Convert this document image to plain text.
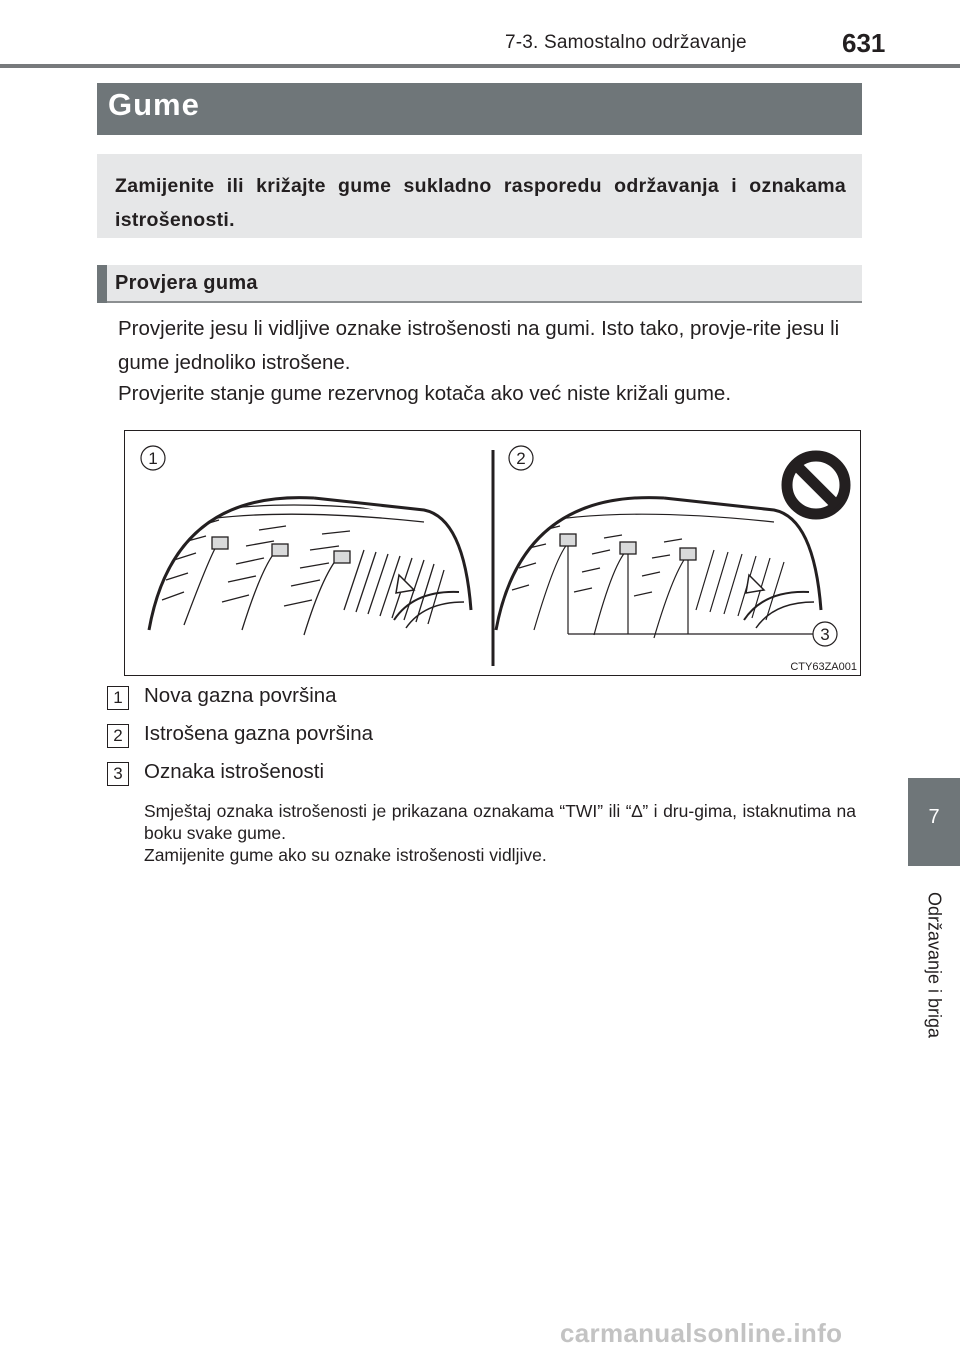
7-3. Samostalno održavanje	631
Gume
Zamijenite ili križajte gume sukladno rasporedu održavanja i oznakama istrošenosti.
Provjera guma
Provjerite jesu li vidljive oznake istrošenosti na gumi. Isto tako, provje-rite jesu li gume jednoliko istrošene.
Provjerite stanje gume rezervnog kotača ako već niste križali gume.
1	2
3
CTY63ZA001
1	Nova gazna površina
2	Istrošena gazna površina
3	Oznaka istrošenosti
Smještaj oznaka istrošenosti je prikazana oznakama “TWI” ili “∆” i dru-gima, istaknutima na boku svake gume.
Zamijenite gume ako su oznake istrošenosti vidljive.
7
Održavanje i briga
carmanualsonline.info
